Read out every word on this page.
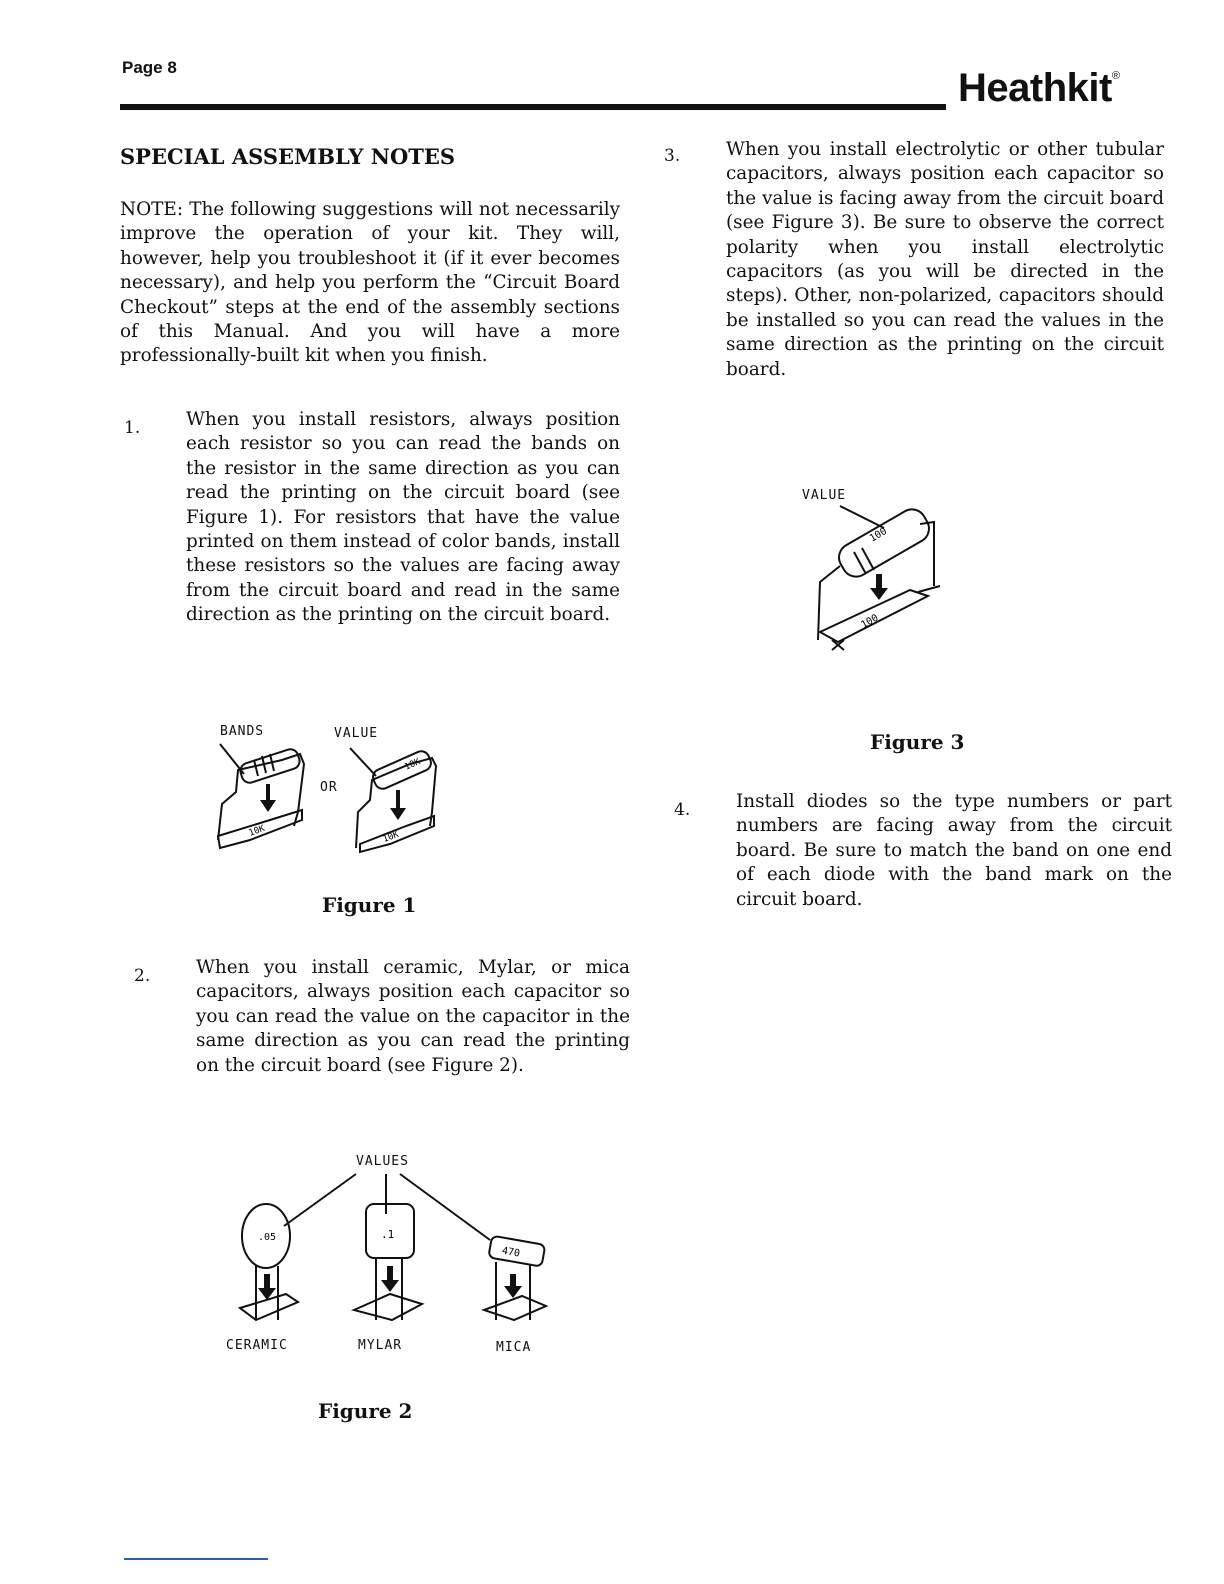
Page 8	Heathkit®
SPECIAL ASSEMBLY NOTES
NOTE: The following suggestions will not necessarily improve the operation of your kit. They will, however, help you troubleshoot it (if it ever becomes necessary), and help you perform the “Circuit Board Checkout” steps at the end of the assembly sections of this Manual. And you will have a more professionally-built kit when you finish.
1. When you install resistors, always position each resistor so you can read the bands on the resistor in the same direction as you can read the printing on the circuit board (see Figure 1). For resistors that have the value printed on them instead of color bands, install these resistors so the values are facing away from the circuit board and read in the same direction as the printing on the circuit board.
BANDS	VALUE
OR
10K
10K
10K
Figure 1
2. When you install ceramic, Mylar, or mica capacitors, always position each capacitor so you can read the value on the capacitor in the same direction as you can read the printing on the circuit board (see Figure 2).
VALUES
.05	.1
470
CERAMIC	MYLAR	MICA
Figure 2
3. When you install electrolytic or other tubular capacitors, always position each capacitor so the value is facing away from the circuit board (see Figure 3). Be sure to observe the correct polarity when you install electrolytic capacitors (as you will be directed in the steps). Other, non-polarized, capacitors should be installed so you can read the values in the same direction as the printing on the circuit board.
VALUE
100
100
Figure 3
4. Install diodes so the type numbers or part numbers are facing away from the circuit board. Be sure to match the band on one end of each diode with the band mark on the circuit board.
